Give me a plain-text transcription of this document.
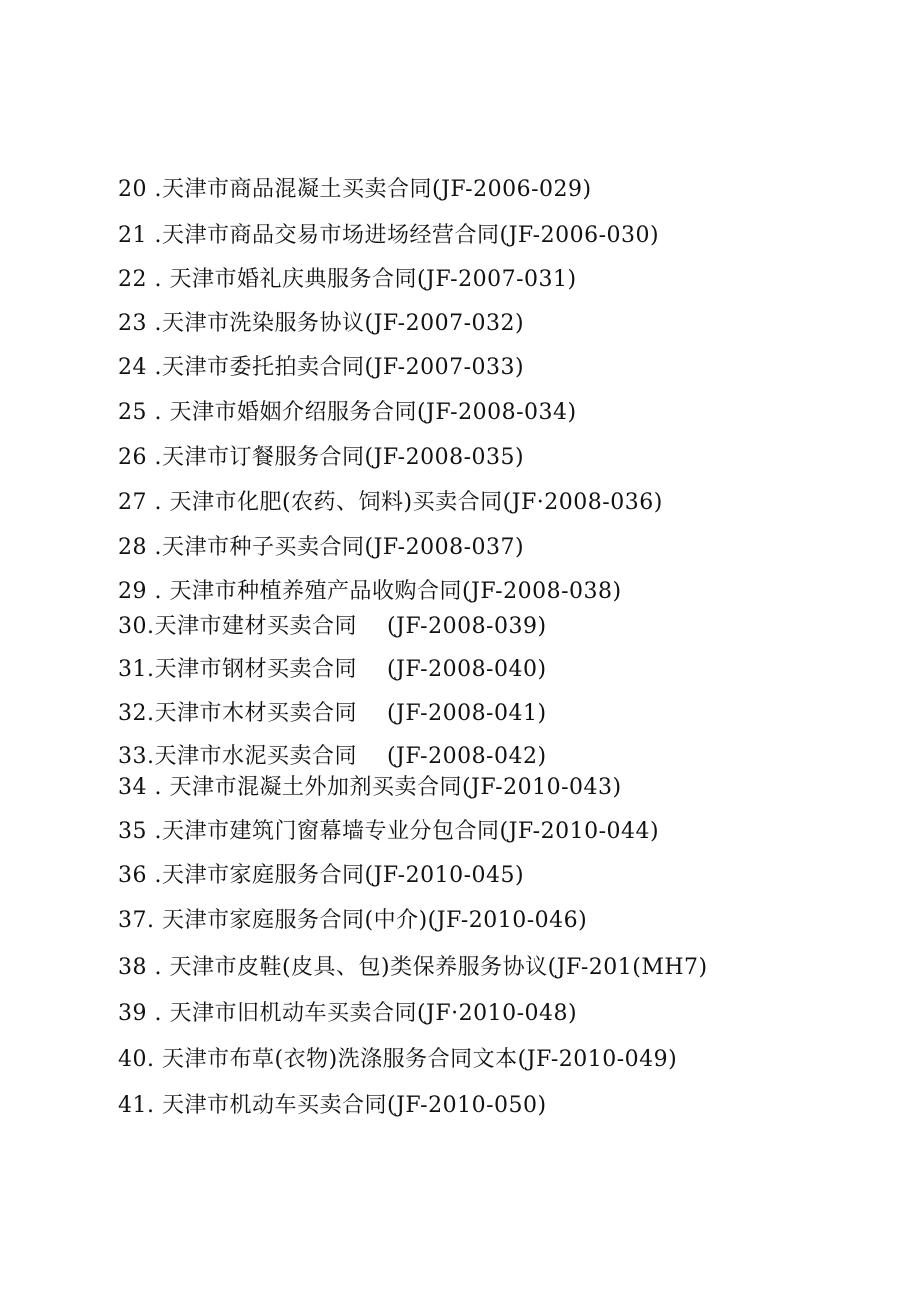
20 .天津市商品混凝土买卖合同(JF-2006-029)
21 .天津市商品交易市场进场经营合同(JF-2006-030)
22 . 天津市婚礼庆典服务合同(JF-2007-031)
23 .天津市洗染服务协议(JF-2007-032)
24 .天津市委托拍卖合同(JF-2007-033)
25 . 天津市婚姻介绍服务合同(JF-2008-034)
26 .天津市订餐服务合同(JF-2008-035)
27 . 天津市化肥(农药、饲料)买卖合同(JF·2008-036)
28 .天津市种子买卖合同(JF-2008-037)
29 . 天津市种植养殖产品收购合同(JF-2008-038)
30.天津市建材买卖合同    (JF-2008-039)
31.天津市钢材买卖合同    (JF-2008-040)
32.天津市木材买卖合同    (JF-2008-041)
33.天津市水泥买卖合同    (JF-2008-042)
34 . 天津市混凝土外加剂买卖合同(JF-2010-043)
35 .天津市建筑门窗幕墙专业分包合同(JF-2010-044)
36 .天津市家庭服务合同(JF-2010-045)
37. 天津市家庭服务合同(中介)(JF-2010-046)
38 . 天津市皮鞋(皮具、包)类保养服务协议(JF-201(MH7)
39 . 天津市旧机动车买卖合同(JF·2010-048)
40. 天津市布草(衣物)洗涤服务合同文本(JF-2010-049)
41. 天津市机动车买卖合同(JF-2010-050)
